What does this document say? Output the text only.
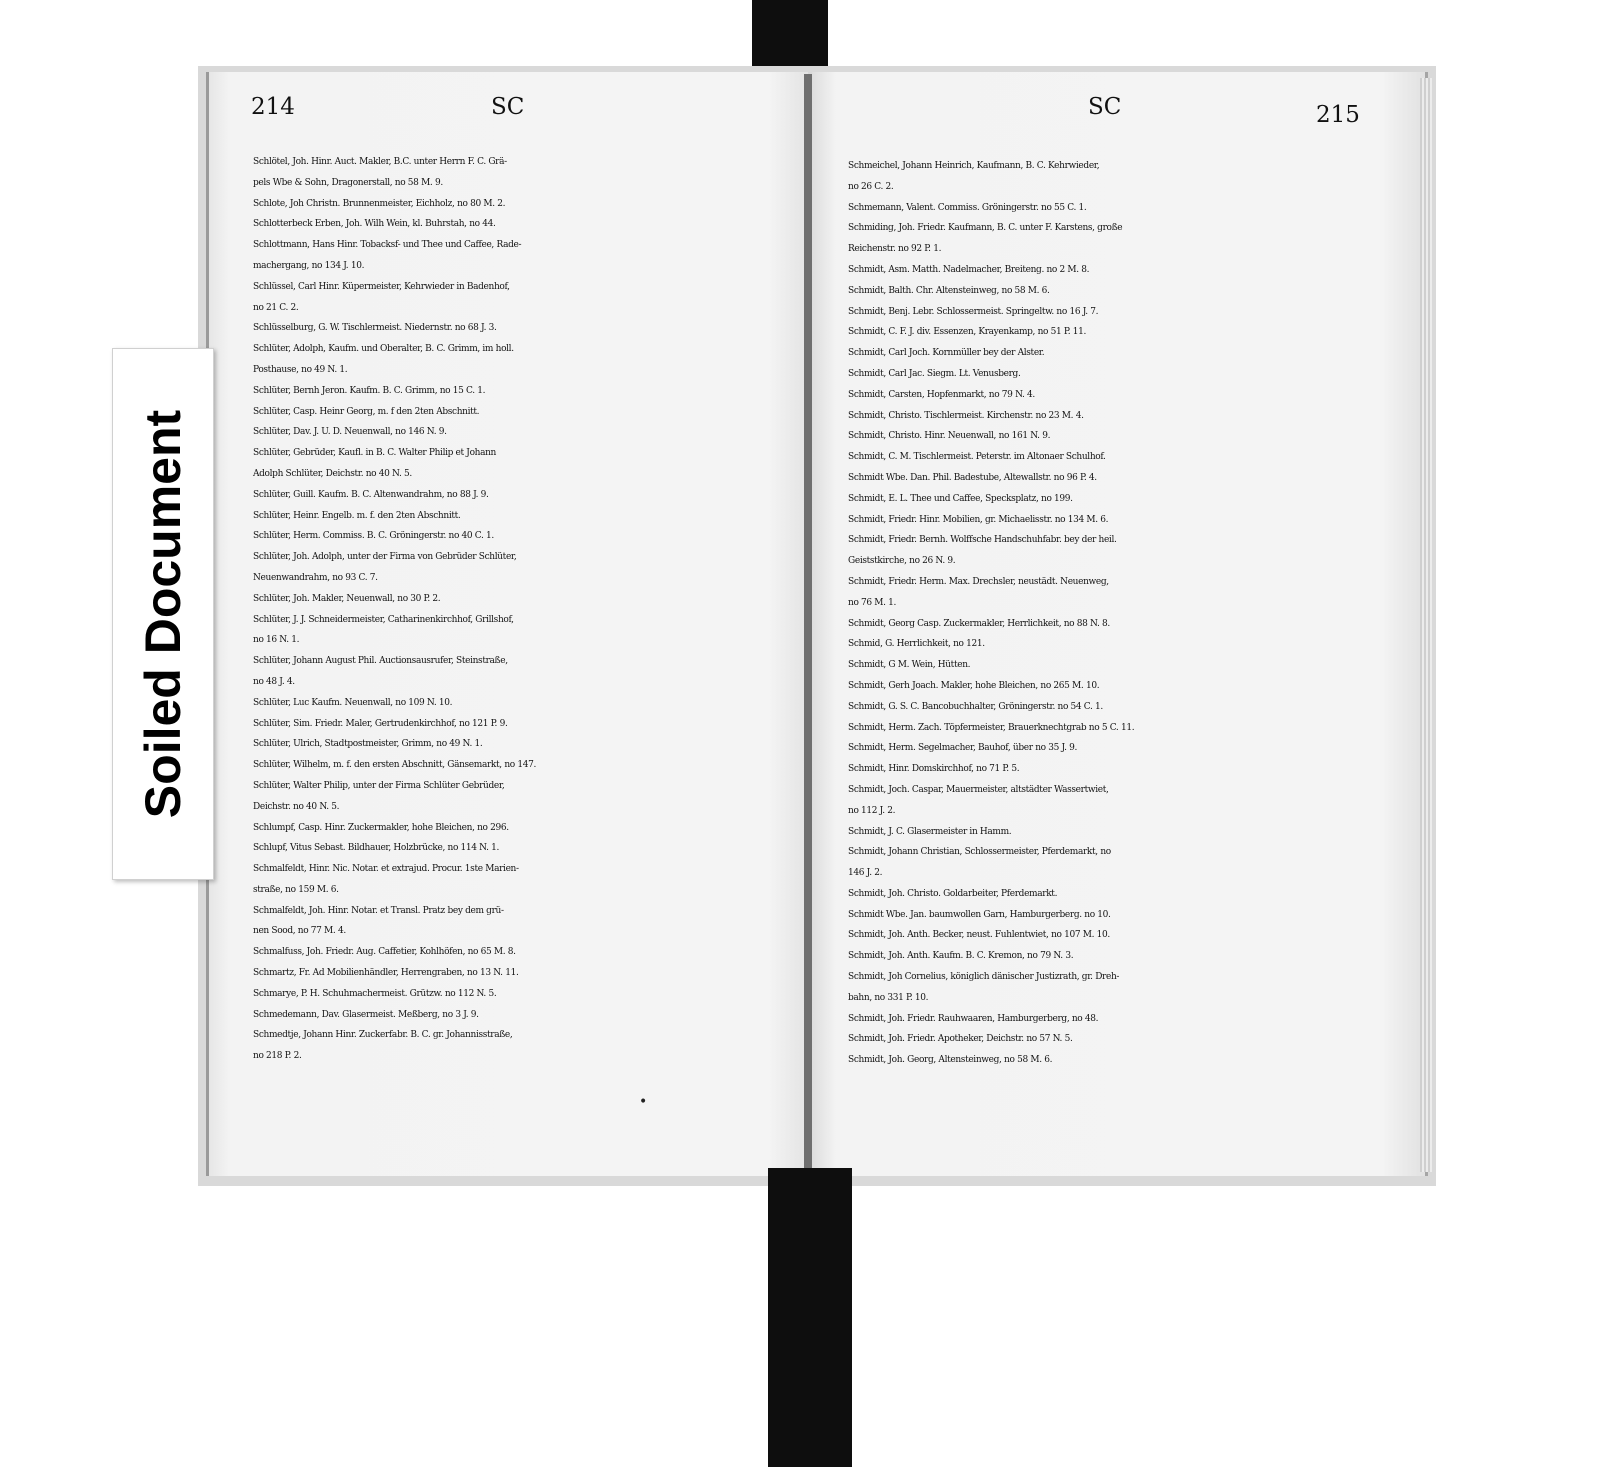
214	SC
Schlötel, Joh. Hinr. Auct. Makler, B.C. unter Herrn F. C. Grä-
pels Wbe & Sohn, Dragonerstall, no 58 M. 9.
Schlote, Joh Christn. Brunnenmeister, Eichholz, no 80 M. 2.
Schlotterbeck Erben, Joh. Wilh Wein, kl. Buhrstah, no 44.
Schlottmann, Hans Hinr. Tobacksf- und Thee und Caffee, Rade-
machergang, no 134 J. 10.
Schlüssel, Carl Hinr. Küpermeister, Kehrwieder in Badenhof,
no 21 C. 2.
Schlüsselburg, G. W. Tischlermeist. Niedernstr. no 68 J. 3.
Schlüter, Adolph, Kaufm. und Oberalter, B. C. Grimm, im holl.
Posthause, no 49 N. 1.
Schlüter, Bernh Jeron. Kaufm. B. C. Grimm, no 15 C. 1.
Schlüter, Casp. Heinr Georg, m. f den 2ten Abschnitt.
Schlüter, Dav. J. U. D. Neuenwall, no 146 N. 9.
Schlüter, Gebrüder, Kaufl. in B. C. Walter Philip et Johann
Adolph Schlüter, Deichstr. no 40 N. 5.
Schlüter, Guill. Kaufm. B. C. Altenwandrahm, no 88 J. 9.
Schlüter, Heinr. Engelb. m. f. den 2ten Abschnitt.
Schlüter, Herm. Commiss. B. C. Gröningerstr. no 40 C. 1.
Schlüter, Joh. Adolph, unter der Firma von Gebrüder Schlüter,
Neuenwandrahm, no 93 C. 7.
Schlüter, Joh. Makler, Neuenwall, no 30 P. 2.
Schlüter, J. J. Schneidermeister, Catharinenkirchhof, Grillshof,
no 16 N. 1.
Schlüter, Johann August Phil. Auctionsausrufer, Steinstraße,
no 48 J. 4.
Schlüter, Luc Kaufm. Neuenwall, no 109 N. 10.
Schlüter, Sim. Friedr. Maler, Gertrudenkirchhof, no 121 P. 9.
Schlüter, Ulrich, Stadtpostmeister, Grimm, no 49 N. 1.
Schlüter, Wilhelm, m. f. den ersten Abschnitt, Gänsemarkt, no 147.
Schlüter, Walter Philip, unter der Firma Schlüter Gebrüder,
Deichstr. no 40 N. 5.
Schlumpf, Casp. Hinr. Zuckermakler, hohe Bleichen, no 296.
Schlupf, Vitus Sebast. Bildhauer, Holzbrücke, no 114 N. 1.
Schmalfeldt, Hinr. Nic. Notar. et extrajud. Procur. 1ste Marien-
straße, no 159 M. 6.
Schmalfeldt, Joh. Hinr. Notar. et Transl. Pratz bey dem grü-
nen Sood, no 77 M. 4.
Schmalfuss, Joh. Friedr. Aug. Caffetier, Kohlhöfen, no 65 M. 8.
Schmartz, Fr. Ad Mobilienhändler, Herrengraben, no 13 N. 11.
Schmarye, P. H. Schuhmachermeist. Grützw. no 112 N. 5.
Schmedemann, Dav. Glasermeist. Meßberg, no 3 J. 9.
Schmedtje, Johann Hinr. Zuckerfabr. B. C. gr. Johannisstraße,
no 218 P. 2.
•
SC	215
Schmeichel, Johann Heinrich, Kaufmann, B. C. Kehrwieder,
no 26 C. 2.
Schmemann, Valent. Commiss. Gröningerstr. no 55 C. 1.
Schmiding, Joh. Friedr. Kaufmann, B. C. unter F. Karstens, große
Reichenstr. no 92 P. 1.
Schmidt, Asm. Matth. Nadelmacher, Breiteng. no 2 M. 8.
Schmidt, Balth. Chr. Altensteinweg, no 58 M. 6.
Schmidt, Benj. Lebr. Schlossermeist. Springeltw. no 16 J. 7.
Schmidt, C. F. J. div. Essenzen, Krayenkamp, no 51 P. 11.
Schmidt, Carl Joch. Kornmüller bey der Alster.
Schmidt, Carl Jac. Siegm. Lt. Venusberg.
Schmidt, Carsten, Hopfenmarkt, no 79 N. 4.
Schmidt, Christo. Tischlermeist. Kirchenstr. no 23 M. 4.
Schmidt, Christo. Hinr. Neuenwall, no 161 N. 9.
Schmidt, C. M. Tischlermeist. Peterstr. im Altonaer Schulhof.
Schmidt Wbe. Dan. Phil. Badestube, Altewallstr. no 96 P. 4.
Schmidt, E. L. Thee und Caffee, Specksplatz, no 199.
Schmidt, Friedr. Hinr. Mobilien, gr. Michaelisstr. no 134 M. 6.
Schmidt, Friedr. Bernh. Wolffsche Handschuhfabr. bey der heil.
Geiststkirche, no 26 N. 9.
Schmidt, Friedr. Herm. Max. Drechsler, neustädt. Neuenweg,
no 76 M. 1.
Schmidt, Georg Casp. Zuckermakler, Herrlichkeit, no 88 N. 8.
Schmid, G. Herrlichkeit, no 121.
Schmidt, G M. Wein, Hütten.
Schmidt, Gerh Joach. Makler, hohe Bleichen, no 265 M. 10.
Schmidt, G. S. C. Bancobuchhalter, Gröningerstr. no 54 C. 1.
Schmidt, Herm. Zach. Töpfermeister, Brauerknechtgrab no 5 C. 11.
Schmidt, Herm. Segelmacher, Bauhof, über no 35 J. 9.
Schmidt, Hinr. Domskirchhof, no 71 P. 5.
Schmidt, Joch. Caspar, Mauermeister, altstädter Wassertwiet,
no 112 J. 2.
Schmidt, J. C. Glasermeister in Hamm.
Schmidt, Johann Christian, Schlossermeister, Pferdemarkt, no
146 J. 2.
Schmidt, Joh. Christo. Goldarbeiter, Pferdemarkt.
Schmidt Wbe. Jan. baumwollen Garn, Hamburgerberg. no 10.
Schmidt, Joh. Anth. Becker, neust. Fuhlentwiet, no 107 M. 10.
Schmidt, Joh. Anth. Kaufm. B. C. Kremon, no 79 N. 3.
Schmidt, Joh Cornelius, königlich dänischer Justizrath, gr. Dreh-
bahn, no 331 P. 10.
Schmidt, Joh. Friedr. Rauhwaaren, Hamburgerberg, no 48.
Schmidt, Joh. Friedr. Apotheker, Deichstr. no 57 N. 5.
Schmidt, Joh. Georg, Altensteinweg, no 58 M. 6.
Soiled Document
